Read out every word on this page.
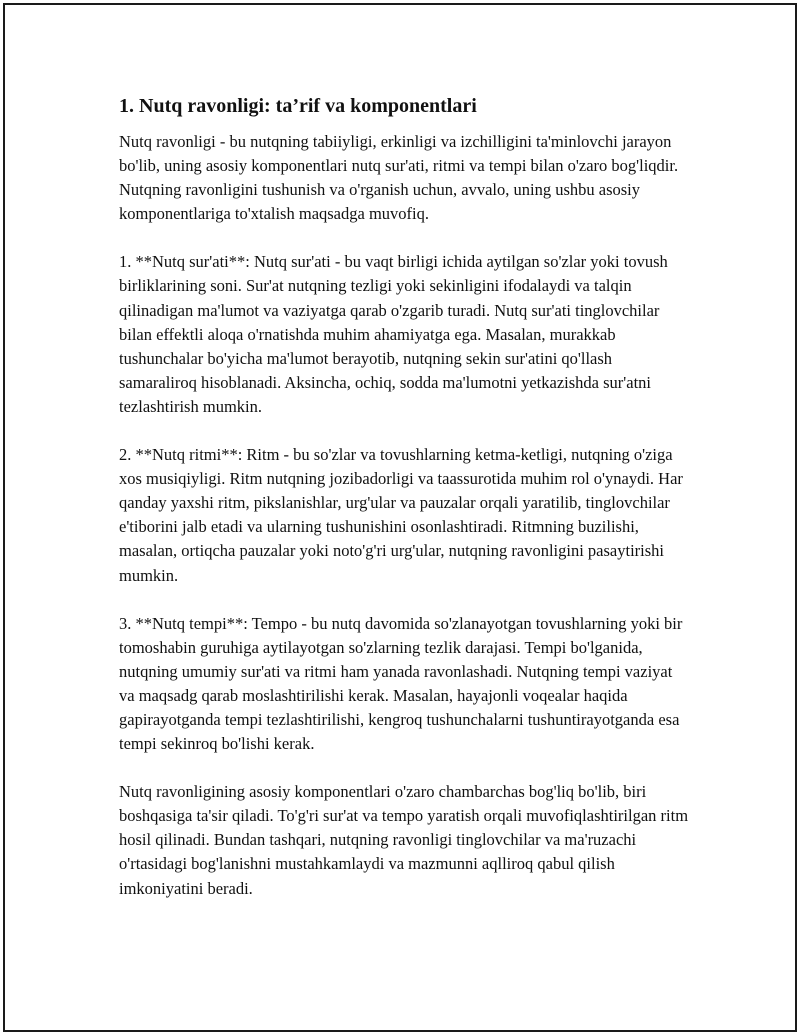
1. Nutq ravonligi: ta’rif va komponentlari

Nutq ravonligi - bu nutqning tabiiyligi, erkinligi va izchilligini ta'minlovchi jarayon bo'lib, uning asosiy komponentlari nutq sur'ati, ritmi va tempi bilan o'zaro bog'liqdir. Nutqning ravonligini tushunish va o'rganish uchun, avvalo, uning ushbu asosiy komponentlariga to'xtalish maqsadga muvofiq.

1. **Nutq sur'ati**: Nutq sur'ati - bu vaqt birligi ichida aytilgan so'zlar yoki tovush birliklarining soni. Sur'at nutqning tezligi yoki sekinligini ifodalaydi va talqin qilinadigan ma'lumot va vaziyatga qarab o'zgarib turadi. Nutq sur'ati tinglovchilar bilan effektli aloqa o'rnatishda muhim ahamiyatga ega. Masalan, murakkab tushunchalar bo'yicha ma'lumot berayotib, nutqning sekin sur'atini qo'llash samaraliroq hisoblanadi. Aksincha, ochiq, sodda ma'lumotni yetkazishda sur'atni tezlashtirish mumkin.

2. **Nutq ritmi**: Ritm - bu so'zlar va tovushlarning ketma-ketligi, nutqning o'ziga xos musiqiyligi. Ritm nutqning jozibadorligi va taassurotida muhim rol o'ynaydi. Har qanday yaxshi ritm, pikslanishlar, urg'ular va pauzalar orqali yaratilib, tinglovchilar e'tiborini jalb etadi va ularning tushunishini osonlashtiradi. Ritmning buzilishi, masalan, ortiqcha pauzalar yoki noto'g'ri urg'ular, nutqning ravonligini pasaytirishi mumkin.

3. **Nutq tempi**: Tempo - bu nutq davomida so'zlanayotgan tovushlarning yoki bir tomoshabin guruhiga aytilayotgan so'zlarning tezlik darajasi. Tempi bo'lganida, nutqning umumiy sur'ati va ritmi ham yanada ravonlashadi. Nutqning tempi vaziyat va maqsadg qarab moslashtirilishi kerak. Masalan, hayajonli voqealar haqida gapirayotganda tempi tezlashtirilishi, kengroq tushunchalarni tushuntirayotganda esa tempi sekinroq bo'lishi kerak.

Nutq ravonligining asosiy komponentlari o'zaro chambarchas bog'liq bo'lib, biri boshqasiga ta'sir qiladi. To'g'ri sur'at va tempo yaratish orqali muvofiqlashtirilgan ritm hosil qilinadi. Bundan tashqari, nutqning ravonligi tinglovchilar va ma'ruzachi o'rtasidagi bog'lanishni mustahkamlaydi va mazmunni aqlliroq qabul qilish imkoniyatini beradi.
